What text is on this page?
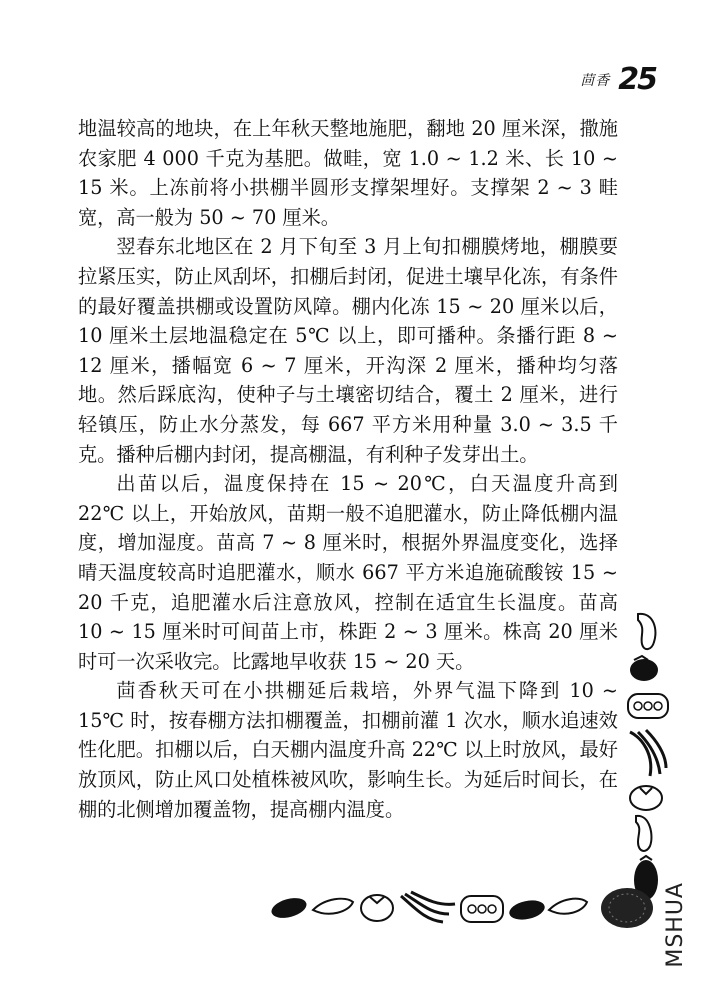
茴香 25

地温较高的地块，在上年秋天整地施肥，翻地 20 厘米深，撒施农家肥 4 000 千克为基肥。做畦，宽 1.0 ~ 1.2 米、长 10 ~ 15 米。上冻前将小拱棚半圆形支撑架埋好。支撑架 2 ~ 3 畦宽，高一般为 50 ~ 70 厘米。

翌春东北地区在 2 月下旬至 3 月上旬扣棚膜烤地，棚膜要拉紧压实，防止风刮坏，扣棚后封闭，促进土壤早化冻，有条件的最好覆盖拱棚或设置防风障。棚内化冻 15 ~ 20 厘米以后，10 厘米土层地温稳定在 5℃ 以上，即可播种。条播行距 8 ~ 12 厘米，播幅宽 6 ~ 7 厘米，开沟深 2 厘米，播种均匀落地。然后踩底沟，使种子与土壤密切结合，覆土 2 厘米，进行轻镇压，防止水分蒸发，每 667 平方米用种量 3.0 ~ 3.5 千克。播种后棚内封闭，提高棚温，有利种子发芽出土。

出苗以后，温度保持在 15 ~ 20℃，白天温度升高到 22℃ 以上，开始放风，苗期一般不追肥灌水，防止降低棚内温度，增加湿度。苗高 7 ~ 8 厘米时，根据外界温度变化，选择晴天温度较高时追肥灌水，顺水 667 平方米追施硫酸铵 15 ~ 20 千克，追肥灌水后注意放风，控制在适宜生长温度。苗高 10 ~ 15 厘米时可间苗上市，株距 2 ~ 3 厘米。株高 20 厘米时可一次采收完。比露地早收获 15 ~ 20 天。

茴香秋天可在小拱棚延后栽培，外界气温下降到 10 ~ 15℃ 时，按春棚方法扣棚覆盖，扣棚前灌 1 次水，顺水追速效性化肥。扣棚以后，白天棚内温度升高 22℃ 以上时放风，最好放顶风，防止风口处植株被风吹，影响生长。为延后时间长，在棚的北侧增加覆盖物，提高棚内温度。

MSHUA
